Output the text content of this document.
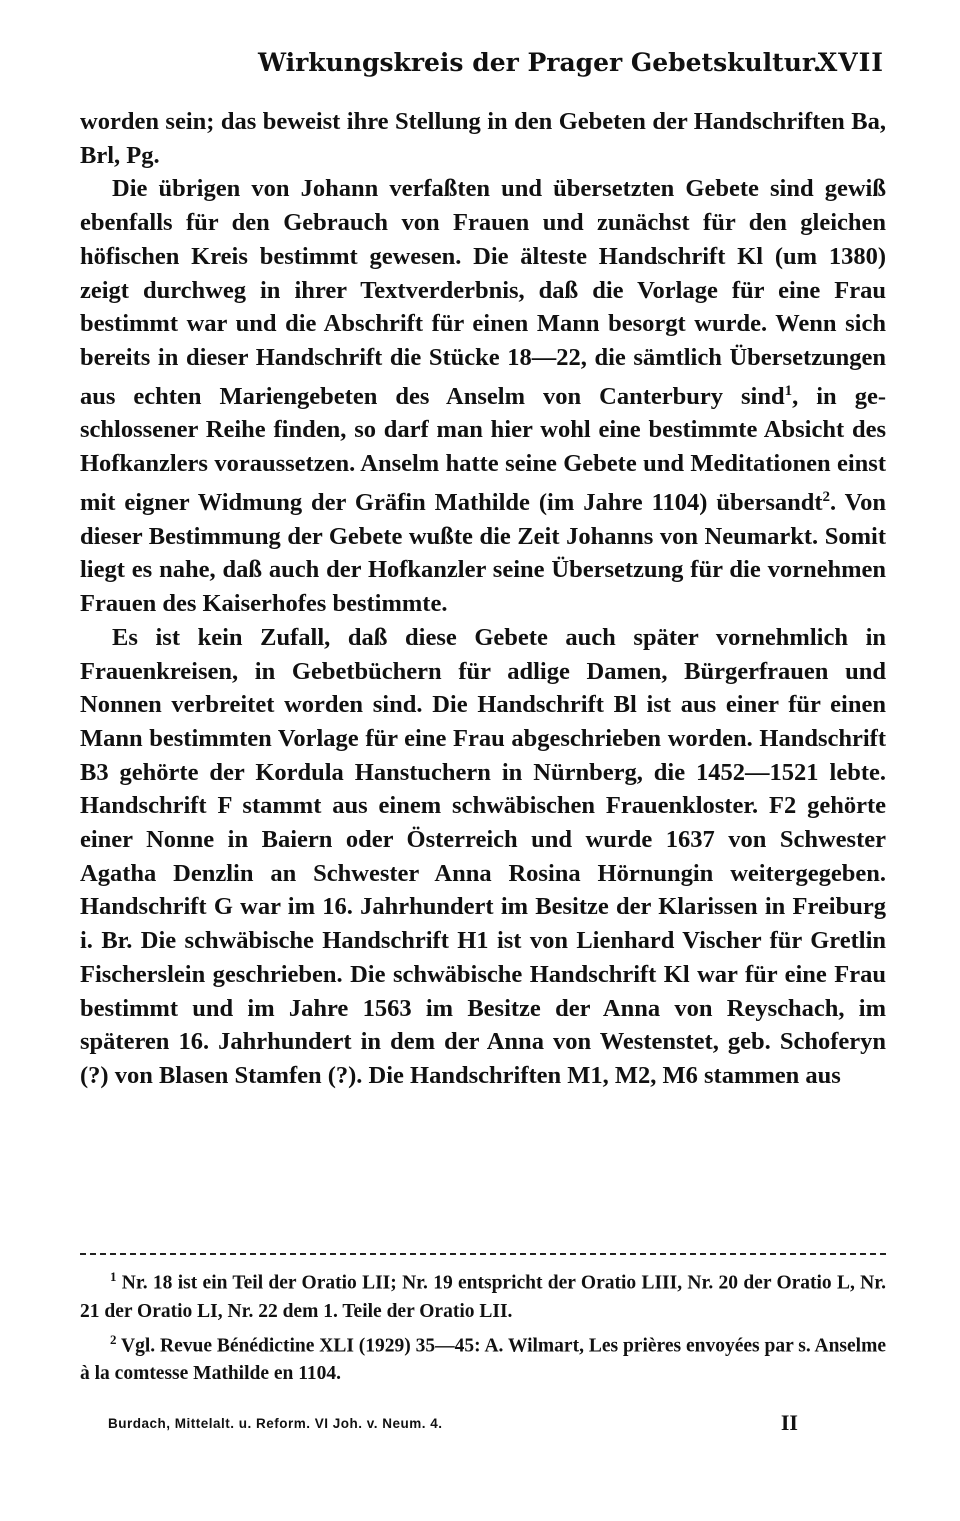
Wirkungskreis der Prager Gebetskultur.
XVII

worden sein; das beweist ihre Stellung in den Gebeten der Handschriften Ba, Brl, Pg.

Die übrigen von Johann verfaßten und übersetzten Gebete sind gewiß ebenfalls für den Gebrauch von Frauen und zunächst für den gleichen höfischen Kreis bestimmt gewesen. Die älteste Handschrift Kl (um 1380) zeigt durchweg in ihrer Textverderbnis, daß die Vorlage für eine Frau bestimmt war und die Abschrift für einen Mann besorgt wurde. Wenn sich bereits in dieser Handschrift die Stücke 18—22, die sämtlich Übersetzungen aus echten Mariengebeten des Anselm von Canterbury sind$^1$, in geschlossener Reihe finden, so darf man hier wohl eine bestimmte Absicht des Hofkanzlers voraussetzen. Anselm hatte seine Gebete und Meditationen einst mit eigner Widmung der Gräfin Mathilde (im Jahre 1104) übersandt$^2$. Von dieser Bestimmung der Gebete wußte die Zeit Johanns von Neumarkt. Somit liegt es nahe, daß auch der Hofkanzler seine Übersetzung für die vornehmen Frauen des Kaiserhofes bestimmte.

Es ist kein Zufall, daß diese Gebete auch später vornehmlich in Frauenkreisen, in Gebetbüchern für adlige Damen, Bürgerfrauen und Nonnen verbreitet worden sind. Die Handschrift Bl ist aus einer für einen Mann bestimmten Vorlage für eine Frau abgeschrieben worden. Handschrift B3 gehörte der Kordula Hanstuchern in Nürnberg, die 1452—1521 lebte. Handschrift F stammt aus einem schwäbischen Frauenkloster. F2 gehörte einer Nonne in Baiern oder Österreich und wurde 1637 von Schwester Agatha Denzlin an Schwester Anna Rosina Hörnungin weitergegeben. Handschrift G war im 16. Jahrhundert im Besitze der Klarissen in Freiburg i. Br. Die schwäbische Handschrift H1 ist von Lienhard Vischer für Gretlin Fischerslein geschrieben. Die schwäbische Handschrift Kl war für eine Frau bestimmt und im Jahre 1563 im Besitze der Anna von Reyschach, im späteren 16. Jahrhundert in dem der Anna von Westenstet, geb. Schoferyn (?) von Blasen Stamfen (?). Die Handschriften M1, M2, M6 stammen aus

$^1$ Nr. 18 ist ein Teil der Oratio LII; Nr. 19 entspricht der Oratio LIII, Nr. 20 der Oratio L, Nr. 21 der Oratio LI, Nr. 22 dem 1. Teile der Oratio LII.

$^2$ Vgl. Revue Bénédictine XLI (1929) 35—45: A. Wilmart, Les prières envoyées par s. Anselme à la comtesse Mathilde en 1104.

Burdach, Mittelalt. u. Reform. VI Joh. v. Neum. 4.	II
